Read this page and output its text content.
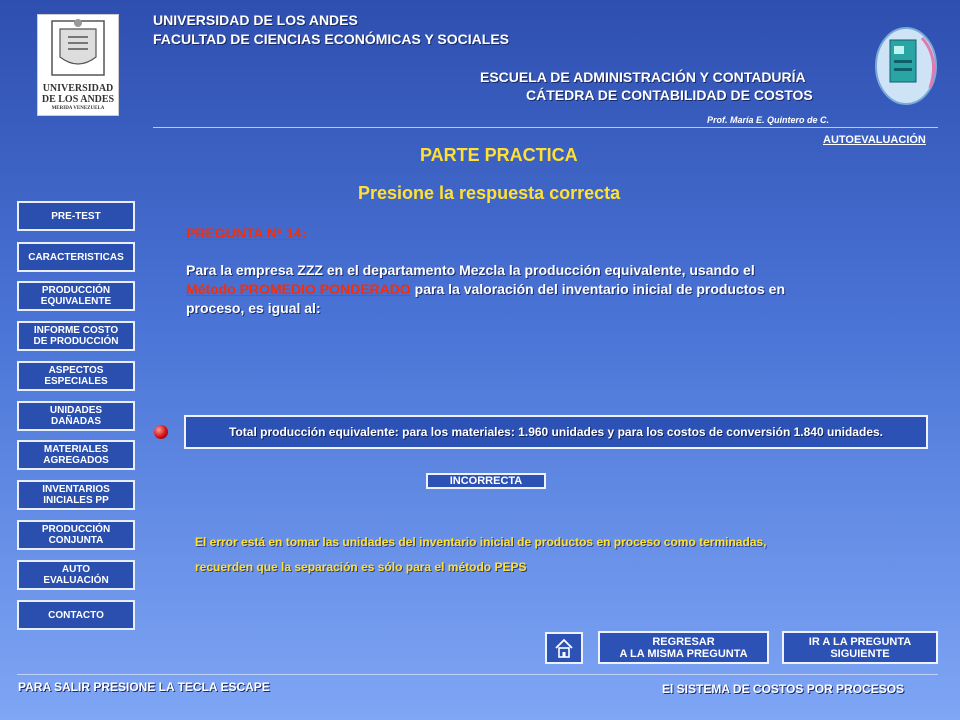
UNIVERSIDAD
DE LOS ANDES
MERIDA VENEZUELA
UNIVERSIDAD DE LOS ANDES
FACULTAD DE CIENCIAS ECONÓMICAS Y SOCIALES
ESCUELA DE ADMINISTRACIÓN Y CONTADURÍA
CÁTEDRA DE CONTABILIDAD DE COSTOS
Prof. María E. Quintero de C.
AUTOEVALUACIÓN
PARTE PRACTICA
Presione la respuesta correcta
PRE-TEST
CARACTERISTICAS
PRODUCCIÓN
EQUIVALENTE
INFORME COSTO
DE PRODUCCIÓN
ASPECTOS
ESPECIALES
UNIDADES
DAÑADAS
MATERIALES
AGREGADOS
INVENTARIOS
INICIALES PP
PRODUCCIÓN
CONJUNTA
AUTO
EVALUACIÓN
CONTACTO
PREGUNTA Nº 14:
Para la empresa ZZZ en el departamento Mezcla la producción equivalente, usando el
Método PROMEDIO PONDERADO para la valoración del inventario inicial de productos en
proceso, es igual al:
Total producción equivalente: para los materiales: 1.960 unidades y para los costos de conversión 1.840 unidades.
INCORRECTA
El error está en tomar las unidades del inventario inicial de productos en proceso como terminadas,
recuerden que la separación es sólo para el método PEPS
REGRESAR
A LA MISMA PREGUNTA
IR A LA PREGUNTA
SIGUIENTE
PARA SALIR PRESIONE LA TECLA ESCAPE	El SISTEMA DE COSTOS POR PROCESOS
